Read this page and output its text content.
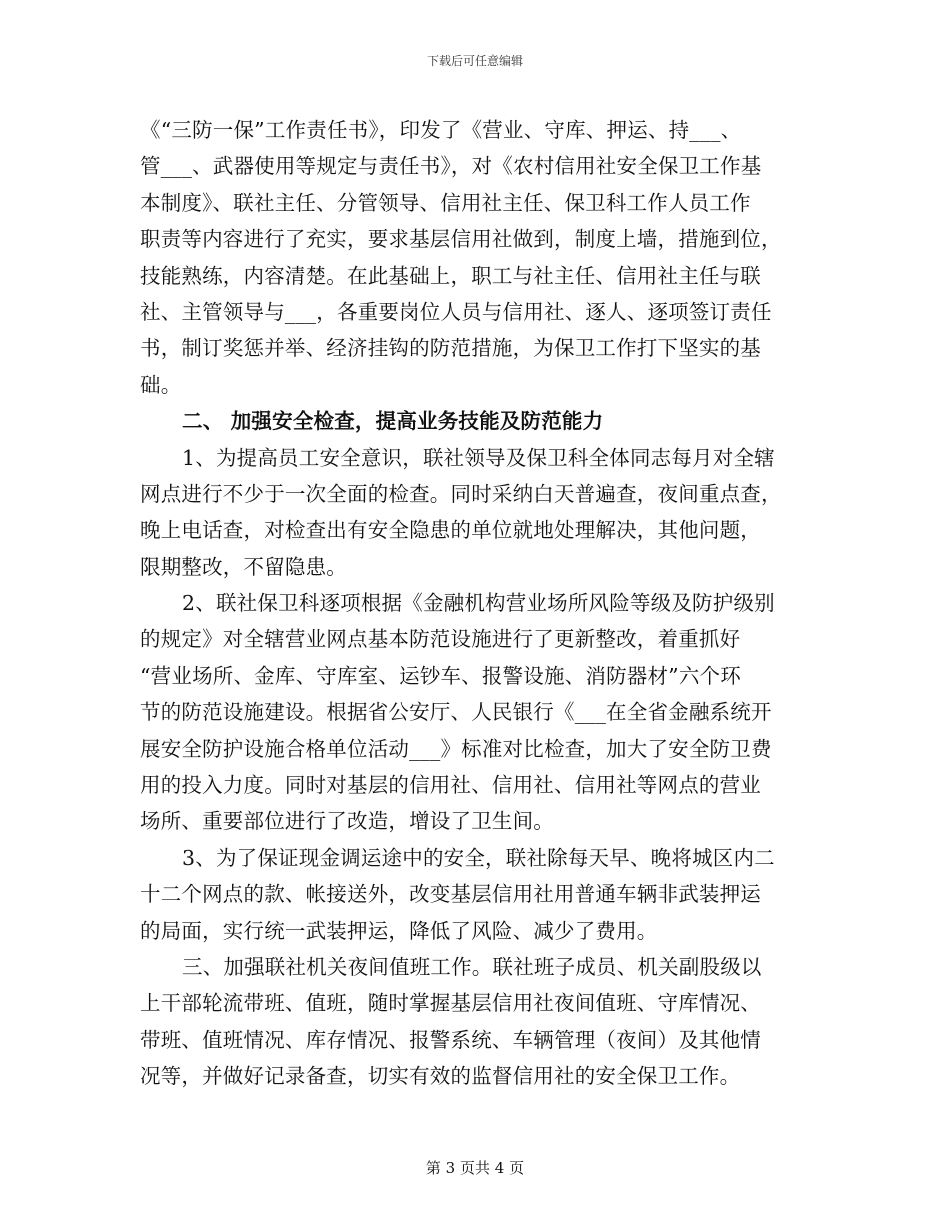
下载后可任意编辑
《“三防一保”工作责任书》，印发了《营业、守库、押运、持___、
管___、武器使用等规定与责任书》，对《农村信用社安全保卫工作基
本制度》、联社主任、分管领导、信用社主任、保卫科工作人员工作
职责等内容进行了充实，要求基层信用社做到，制度上墙，措施到位，
技能熟练，内容清楚。在此基础上，职工与社主任、信用社主任与联
社、主管领导与___，各重要岗位人员与信用社、逐人、逐项签订责任
书，制订奖惩并举、经济挂钩的防范措施，为保卫工作打下坚实的基
础。
二、 加强安全检查，提高业务技能及防范能力
1、为提高员工安全意识，联社领导及保卫科全体同志每月对全辖
网点进行不少于一次全面的检查。同时采纳白天普遍查，夜间重点查，
晚上电话查，对检查出有安全隐患的单位就地处理解决，其他问题，
限期整改，不留隐患。
2、联社保卫科逐项根据《金融机构营业场所风险等级及防护级别
的规定》对全辖营业网点基本防范设施进行了更新整改，着重抓好
“营业场所、金库、守库室、运钞车、报警设施、消防器材”六个环
节的防范设施建设。根据省公安厅、人民银行《___在全省金融系统开
展安全防护设施合格单位活动___》标准对比检查，加大了安全防卫费
用的投入力度。同时对基层的信用社、信用社、信用社等网点的营业
场所、重要部位进行了改造，增设了卫生间。
3、为了保证现金调运途中的安全，联社除每天早、晚将城区内二
十二个网点的款、帐接送外，改变基层信用社用普通车辆非武装押运
的局面，实行统一武装押运，降低了风险、减少了费用。
三、加强联社机关夜间值班工作。联社班子成员、机关副股级以
上干部轮流带班、值班，随时掌握基层信用社夜间值班、守库情况、
带班、值班情况、库存情况、报警系统、车辆管理（夜间）及其他情
况等，并做好记录备查，切实有效的监督信用社的安全保卫工作。
第 3 页共 4 页
